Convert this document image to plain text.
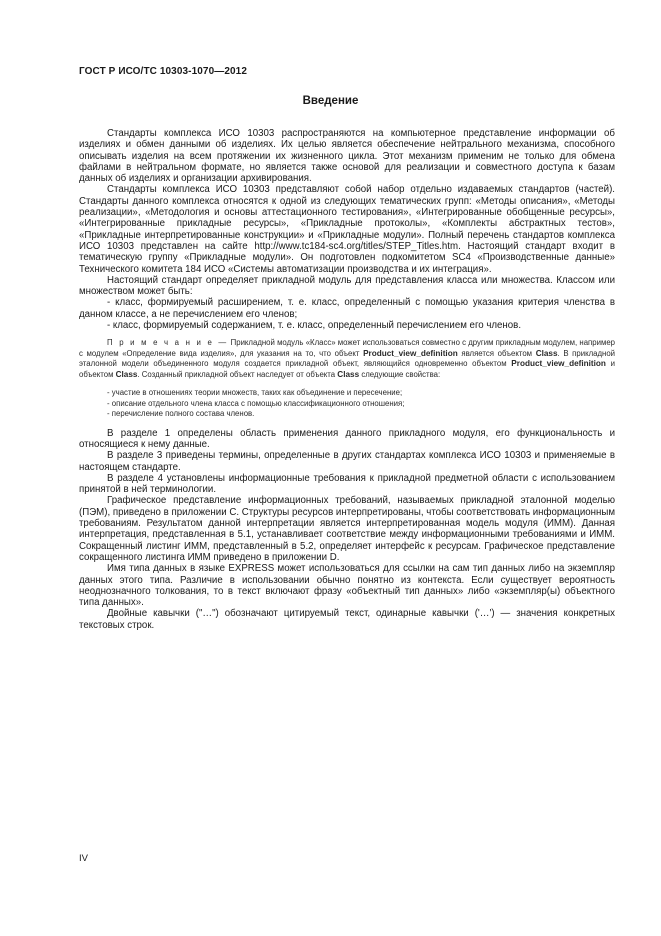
ГОСТ Р ИСО/ТС 10303-1070—2012
Введение

Стандарты комплекса ИСО 10303 распространяются на компьютерное представление информации об изделиях и обмен данными об изделиях. Их целью является обеспечение нейтрального механизма, способного описывать изделия на всем протяжении их жизненного цикла. Этот механизм применим не только для обмена файлами в нейтральном формате, но является также основой для реализации и совместного доступа к базам данных об изделиях и организации архивирования.

Стандарты комплекса ИСО 10303 представляют собой набор отдельно издаваемых стандартов (частей). Стандарты данного комплекса относятся к одной из следующих тематических групп: «Методы описания», «Методы реализации», «Методология и основы аттестационного тестирования», «Интегрированные обобщенные ресурсы», «Интегрированные прикладные ресурсы», «Прикладные протоколы», «Комплекты абстрактных тестов», «Прикладные интерпретированные конструкции» и «Прикладные модули». Полный перечень стандартов комплекса ИСО 10303 представлен на сайте http://www.tc184-sc4.org/titles/STEP_Titles.htm. Настоящий стандарт входит в тематическую группу «Прикладные модули». Он подготовлен подкомитетом SC4 «Производственные данные» Технического комитета 184 ИСО «Системы автоматизации производства и их интеграция».

Настоящий стандарт определяет прикладной модуль для представления класса или множества. Классом или множеством может быть:

- класс, формируемый расширением, т. е. класс, определенный с помощью указания критерия членства в данном классе, а не перечислением его членов;

- класс, формируемый содержанием, т. е. класс, определенный перечислением его членов.

П р и м е ч а н и е — Прикладной модуль «Класс» может использоваться совместно с другим прикладным модулем, например с модулем «Определение вида изделия», для указания на то, что объект Product_view_definition является объектом Class. В прикладной эталонной модели объединенного модуля создается прикладной объект, являющийся одновременно объектом Product_view_definition и объектом Class. Созданный прикладной объект наследует от объекта Class следующие свойства:

- участие в отношениях теории множеств, таких как объединение и пересечение;

- описание отдельного члена класса с помощью классификационного отношения;

- перечисление полного состава членов.

В разделе 1 определены область применения данного прикладного модуля, его функциональность и относящиеся к нему данные.

В разделе 3 приведены термины, определенные в других стандартах комплекса ИСО 10303 и применяемые в настоящем стандарте.

В разделе 4 установлены информационные требования к прикладной предметной области с использованием принятой в ней терминологии.

Графическое представление информационных требований, называемых прикладной эталонной моделью (ПЭМ), приведено в приложении С. Структуры ресурсов интерпретированы, чтобы соответствовать информационным требованиям. Результатом данной интерпретации является интерпретированная модель модуля (ИММ). Данная интерпретация, представленная в 5.1, устанавливает соответствие между информационными требованиями и ИММ. Сокращенный листинг ИММ, представленный в 5.2, определяет интерфейс к ресурсам. Графическое представление сокращенного листинга ИММ приведено в приложении D.

Имя типа данных в языке EXPRESS может использоваться для ссылки на сам тип данных либо на экземпляр данных этого типа. Различие в использовании обычно понятно из контекста. Если существует вероятность неоднозначного толкования, то в текст включают фразу «объектный тип данных» либо «экземпляр(ы) объектного типа данных».

Двойные кавычки ("…") обозначают цитируемый текст, одинарные кавычки ('…') — значения конкретных текстовых строк.

IV
